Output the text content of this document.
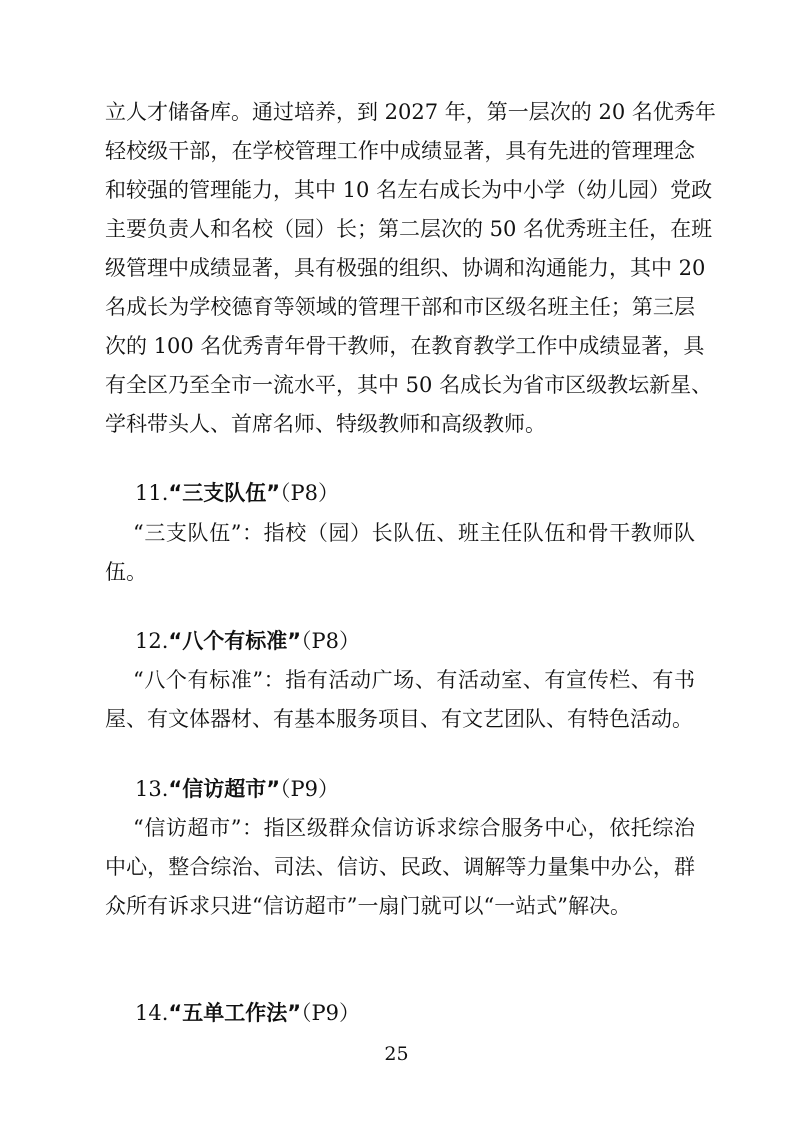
立人才储备库。通过培养，到 2027 年，第一层次的 20 名优秀年
轻校级干部，在学校管理工作中成绩显著，具有先进的管理理念
和较强的管理能力，其中 10 名左右成长为中小学（幼儿园）党政
主要负责人和名校（园）长；第二层次的 50 名优秀班主任，在班
级管理中成绩显著，具有极强的组织、协调和沟通能力，其中 20
名成长为学校德育等领域的管理干部和市区级名班主任；第三层
次的 100 名优秀青年骨干教师，在教育教学工作中成绩显著，具
有全区乃至全市一流水平，其中 50 名成长为省市区级教坛新星、
学科带头人、首席名师、特级教师和高级教师。
11.“三支队伍”（P8）
“三支队伍”：指校（园）长队伍、班主任队伍和骨干教师队
伍。
12.“八个有标准”（P8）
“八个有标准”：指有活动广场、有活动室、有宣传栏、有书
屋、有文体器材、有基本服务项目、有文艺团队、有特色活动。
13.“信访超市”（P9）
“信访超市”：指区级群众信访诉求综合服务中心，依托综治
中心，整合综治、司法、信访、民政、调解等力量集中办公，群
众所有诉求只进“信访超市”一扇门就可以“一站式”解决。
14.“五单工作法”（P9）
25
